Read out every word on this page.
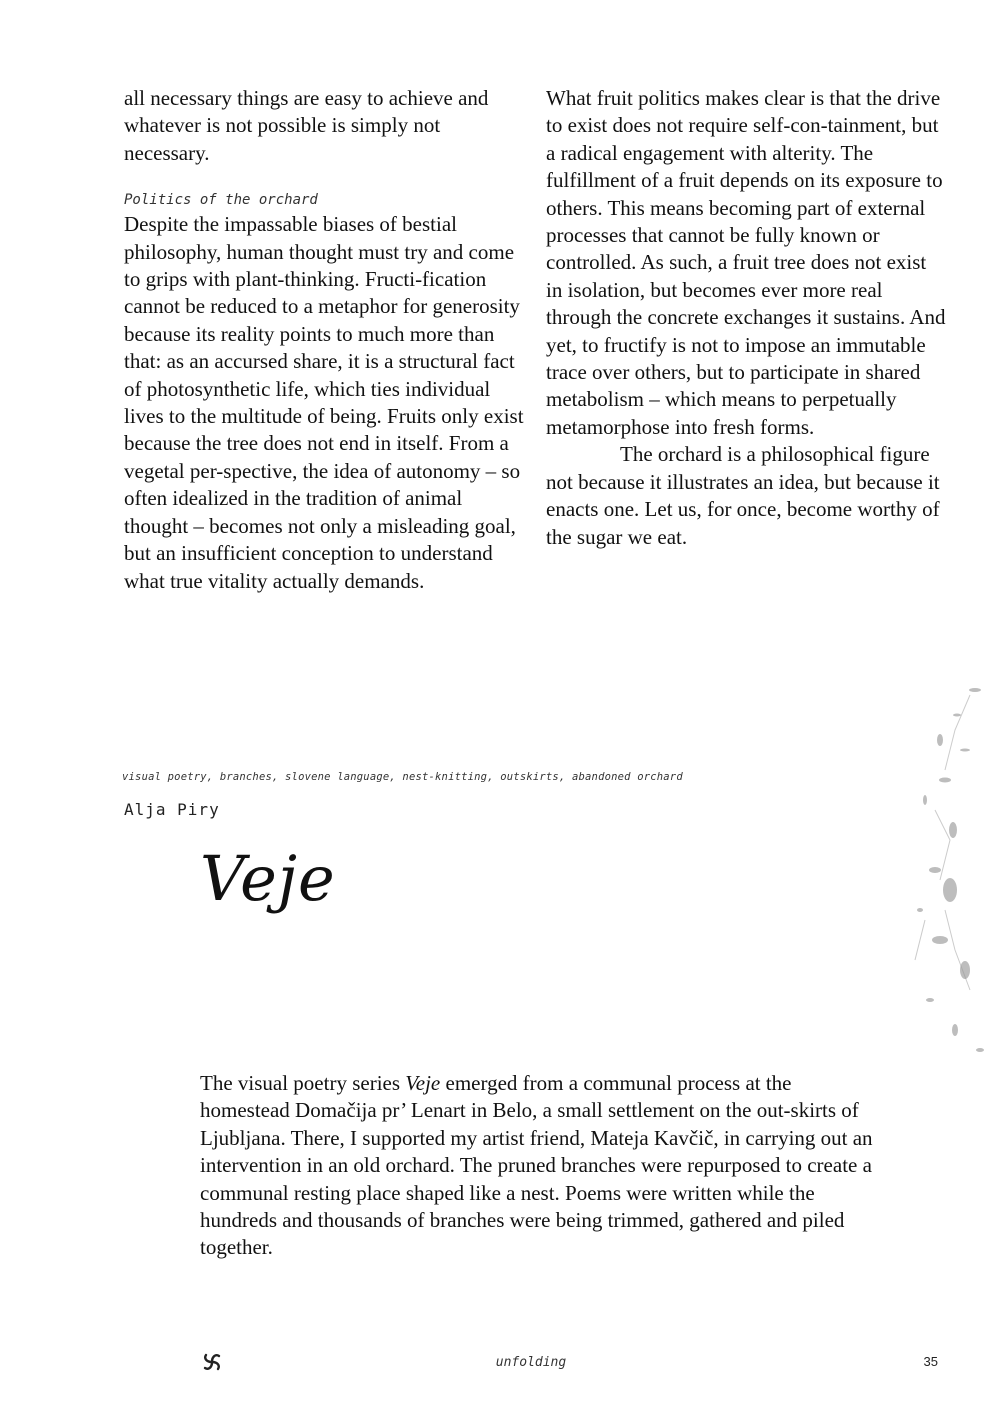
all necessary things are easy to achieve and whatever is not possible is simply not necessary.

Politics of the orchard

Despite the impassable biases of bestial philosophy, human thought must try and come to grips with plant-thinking. Fructi-fication cannot be reduced to a metaphor for generosity because its reality points to much more than that: as an accursed share, it is a structural fact of photosynthetic life, which ties individual lives to the multitude of being. Fruits only exist because the tree does not end in itself. From a vegetal per-spective, the idea of autonomy – so often idealized in the tradition of animal thought – becomes not only a misleading goal, but an insufficient conception to understand what true vitality actually demands.

What fruit politics makes clear is that the drive to exist does not require self-con-tainment, but a radical engagement with alterity. The fulfillment of a fruit depends on its exposure to others. This means becoming part of external processes that cannot be fully known or controlled. As such, a fruit tree does not exist in isolation, but becomes ever more real through the concrete exchanges it sustains. And yet, to fructify is not to impose an immutable trace over others, but to participate in shared metabolism – which means to perpetually metamorphose into fresh forms.

The orchard is a philosophical figure not because it illustrates an idea, but because it enacts one. Let us, for once, become worthy of the sugar we eat.

visual poetry, branches, slovene language, nest-knitting, outskirts, abandoned orchard
Alja Piry
Veje

The visual poetry series Veje emerged from a communal process at the homestead Domačija pr’ Lenart in Belo, a small settlement on the out-skirts of Ljubljana. There, I supported my artist friend, Mateja Kavčič, in carrying out an intervention in an old orchard. The pruned branches were repurposed to create a communal resting place shaped like a nest. Poems were written while the hundreds and thousands of branches were being trimmed, gathered and piled together.

unfolding	35
